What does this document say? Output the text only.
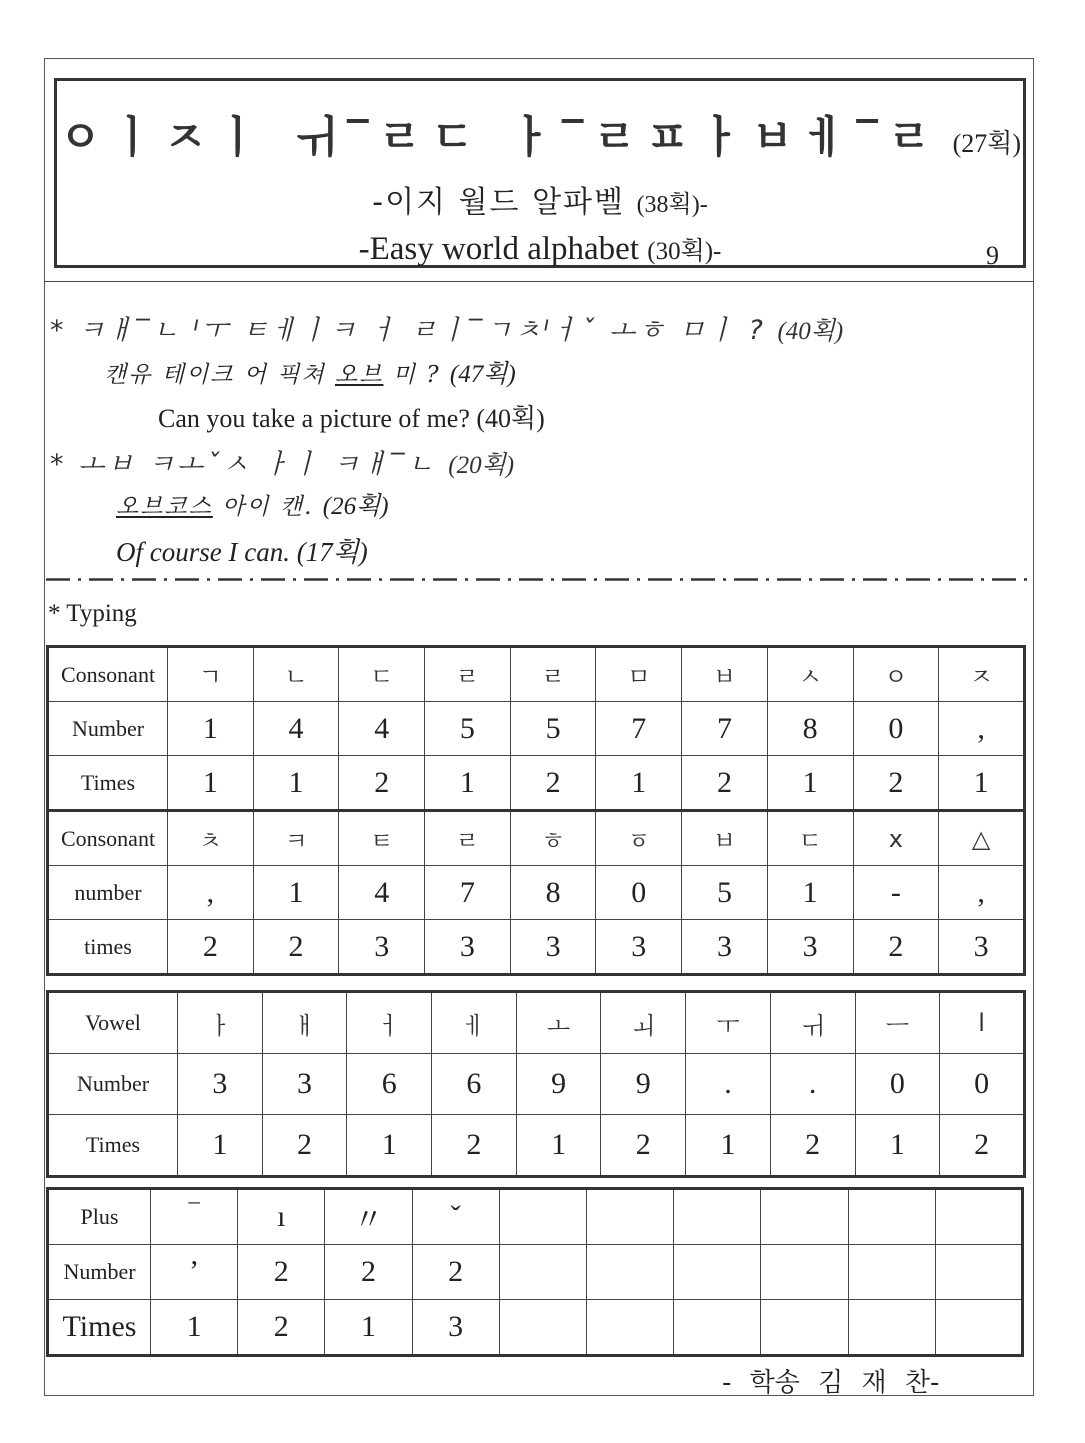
ㅇㅣㅈㅣ ㅟ‾ㄹㄷ ㅏ‾ㄹㅍㅏㅂㅔ‾ㄹ (27획)
-이지 월드 알파벨 (38획)-
-Easy world alphabet (30획)-	9
* ㅋㅐ‾ㄴ ᑊㅜ ㅌㅔㅣㅋ ㅓ ㄹㅣ‾ㄱㅊᑊㅓˇ ㅗㅎ ㅁㅣ ? (40획)
캔유 테이크 어 픽쳐 오브 미 ? (47획)
Can you take a picture of me? (40획)
* ㅗㅂ ㅋㅗˇㅅ ㅏㅣ ㅋㅐ‾ㄴ (20획)
오브코스 아이 캔. (26획)
Of course I can. (17획)
* Typing
Consonant	ㄱ	ㄴ	ㄷ	ㄹ	ㄹ	ㅁ	ㅂ	ㅅ	ㅇ	ㅈ
Number	1	4	4	5	5	7	7	8	0	,
Times	1	1	2	1	2	1	2	1	2	1
Consonant	ㅊ	ㅋ	ㅌ	ㄹ	ㅎ	ㆆ	ㅂ	ㄷ	x	△
number	,	1	4	7	8	0	5	1	-	,
times	2	2	3	3	3	3	3	3	2	3
Vowel	ㅏ	ㅐ	ㅓ	ㅔ	ㅗ	ㅚ	ㅜ	ㅟ	ㅡ	l
Number	3	3	6	6	9	9	.	.	0	0
Times	1	2	1	2	1	2	1	2	1	2
Plus	‾	ı	〃	ˇ						
Number	ʼ	2	2	2						
Times	1	2	1	3						
- 학송 김 재 찬-
